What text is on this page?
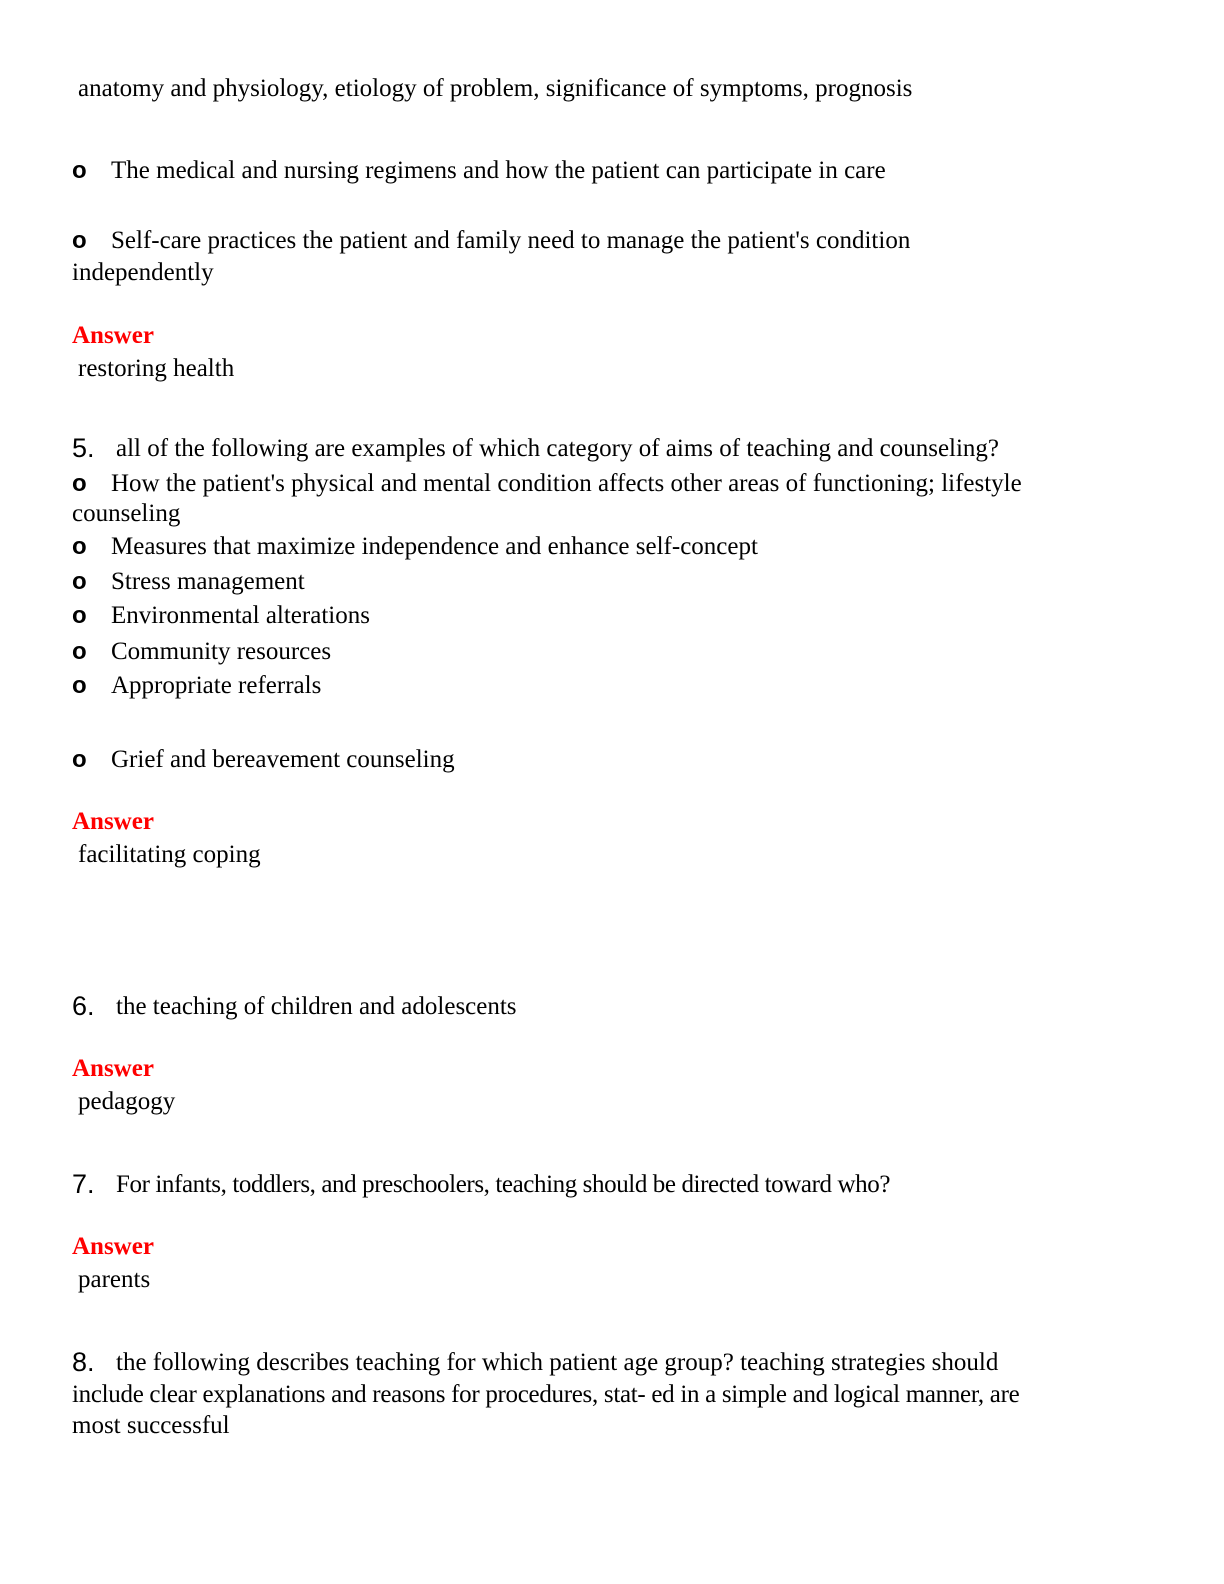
anatomy and physiology, etiology of problem, significance of symptoms, prognosis
o The medical and nursing regimens and how the patient can participate in care
o Self-care practices the patient and family need to manage the patient's condition
independently
Answer
restoring health
5. all of the following are examples of which category of aims of teaching and counseling?
o How the patient's physical and mental condition affects other areas of functioning; lifestyle
counseling
o Measures that maximize independence and enhance self-concept
o Stress management
o Environmental alterations
o Community resources
o Appropriate referrals
o Grief and bereavement counseling
Answer
facilitating coping
6. the teaching of children and adolescents
Answer
pedagogy
7. For infants, toddlers, and preschoolers, teaching should be directed toward who?
Answer
parents
8. the following describes teaching for which patient age group? teaching strategies should
include clear explanations and reasons for procedures, stat- ed in a simple and logical manner, are
most successful
